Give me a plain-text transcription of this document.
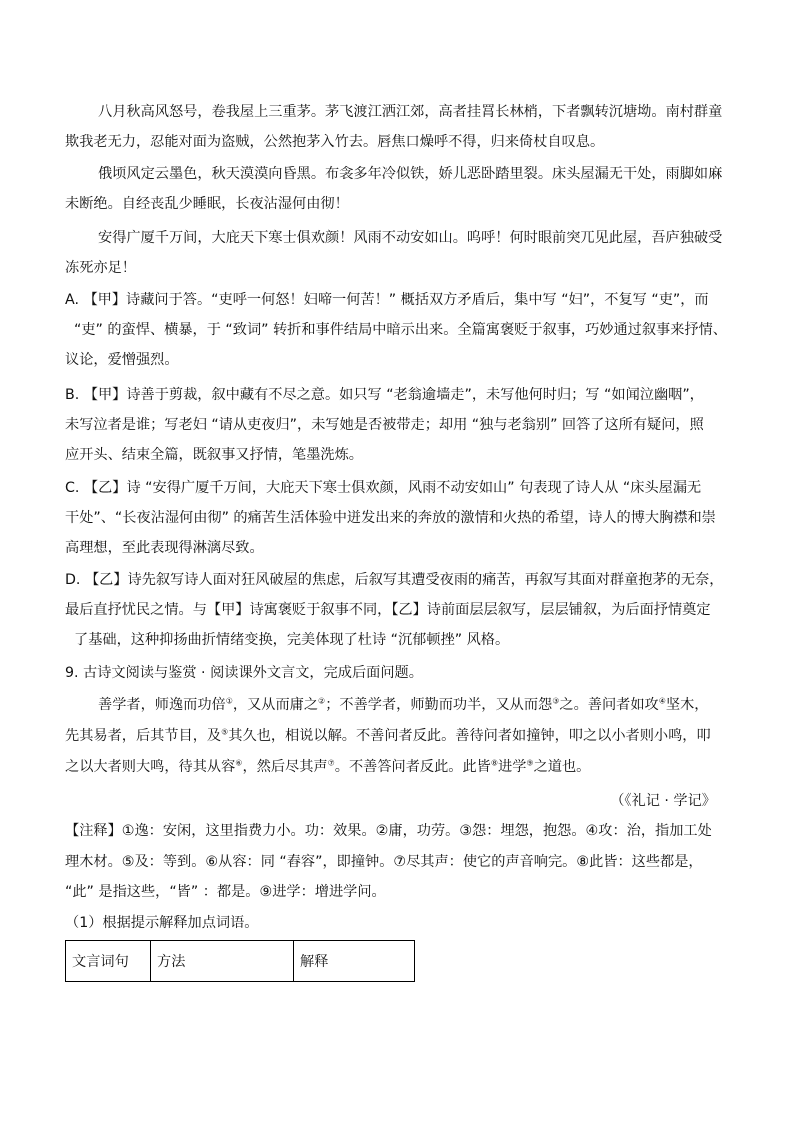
八月秋高风怒号，卷我屋上三重茅。茅飞渡江洒江郊，高者挂罥长林梢，下者飘转沉塘坳。南村群童
欺我老无力，忍能对面为盗贼，公然抱茅入竹去。唇焦口燥呼不得，归来倚杖自叹息。
俄顷风定云墨色，秋天漠漠向昏黑。布衾多年冷似铁，娇儿恶卧踏里裂。床头屋漏无干处，雨脚如麻
未断绝。自经丧乱少睡眠，长夜沾湿何由彻！
安得广厦千万间，大庇天下寒士俱欢颜！风雨不动安如山。呜呼！何时眼前突兀见此屋，吾庐独破受
冻死亦足！
A. 【甲】诗藏问于答。“吏呼一何怒！妇啼一何苦！” 概括双方矛盾后，集中写 “妇”，不复写 “吏”，而
“吏” 的蛮悍、横暴，于 “致词” 转折和事件结局中暗示出来。全篇寓褒贬于叙事，巧妙通过叙事来抒情、
议论，爱憎强烈。
B. 【甲】诗善于剪裁，叙中藏有不尽之意。如只写 “老翁逾墙走”，未写他何时归；写 “如闻泣幽咽”，
未写泣者是谁；写老妇 “请从吏夜归”，未写她是否被带走；却用 “独与老翁别” 回答了这所有疑问，照
应开头、结束全篇，既叙事又抒情，笔墨洗炼。
C. 【乙】诗 “安得广厦千万间，大庇天下寒士俱欢颜，风雨不动安如山” 句表现了诗人从 “床头屋漏无
干处”、“长夜沾湿何由彻” 的痛苦生活体验中迸发出来的奔放的激情和火热的希望，诗人的博大胸襟和崇
高理想，至此表现得淋漓尽致。
D. 【乙】诗先叙写诗人面对狂风破屋的焦虑，后叙写其遭受夜雨的痛苦，再叙写其面对群童抱茅的无奈，
最后直抒忧民之情。与【甲】诗寓褒贬于叙事不同，【乙】诗前面层层叙写，层层铺叙，为后面抒情奠定
了基础，这种抑扬曲折情绪变换，完美体现了杜诗 “沉郁顿挫” 风格。
9. 古诗文阅读与鉴赏 · 阅读课外文言文，完成后面问题。
善学者，师逸而功倍①，又从而庸之②；不善学者，师勤而功半，又从而怨③之。善问者如攻④坚木，
先其易者，后其节目，及⑤其久也，相说以解。不善问者反此。善待问者如撞钟，叩之以小者则小鸣，叩
之以大者则大鸣，待其从容⑥，然后尽其声⑦。不善答问者反此。此皆⑧进学⑨之道也。
（《礼记 · 学记》
【注释】①逸：安闲，这里指费力小。功：效果。②庸，功劳。③怨：埋怨，抱怨。④攻：治，指加工处
理木材。⑤及：等到。⑥从容：同 “舂容”，即撞钟。⑦尽其声：使它的声音响完。⑧此皆：这些都是，
“此” 是指这些，“皆” ：都是。⑨进学：增进学问。
（1）根据提示解释加点词语。
文言词句	方法	解释
